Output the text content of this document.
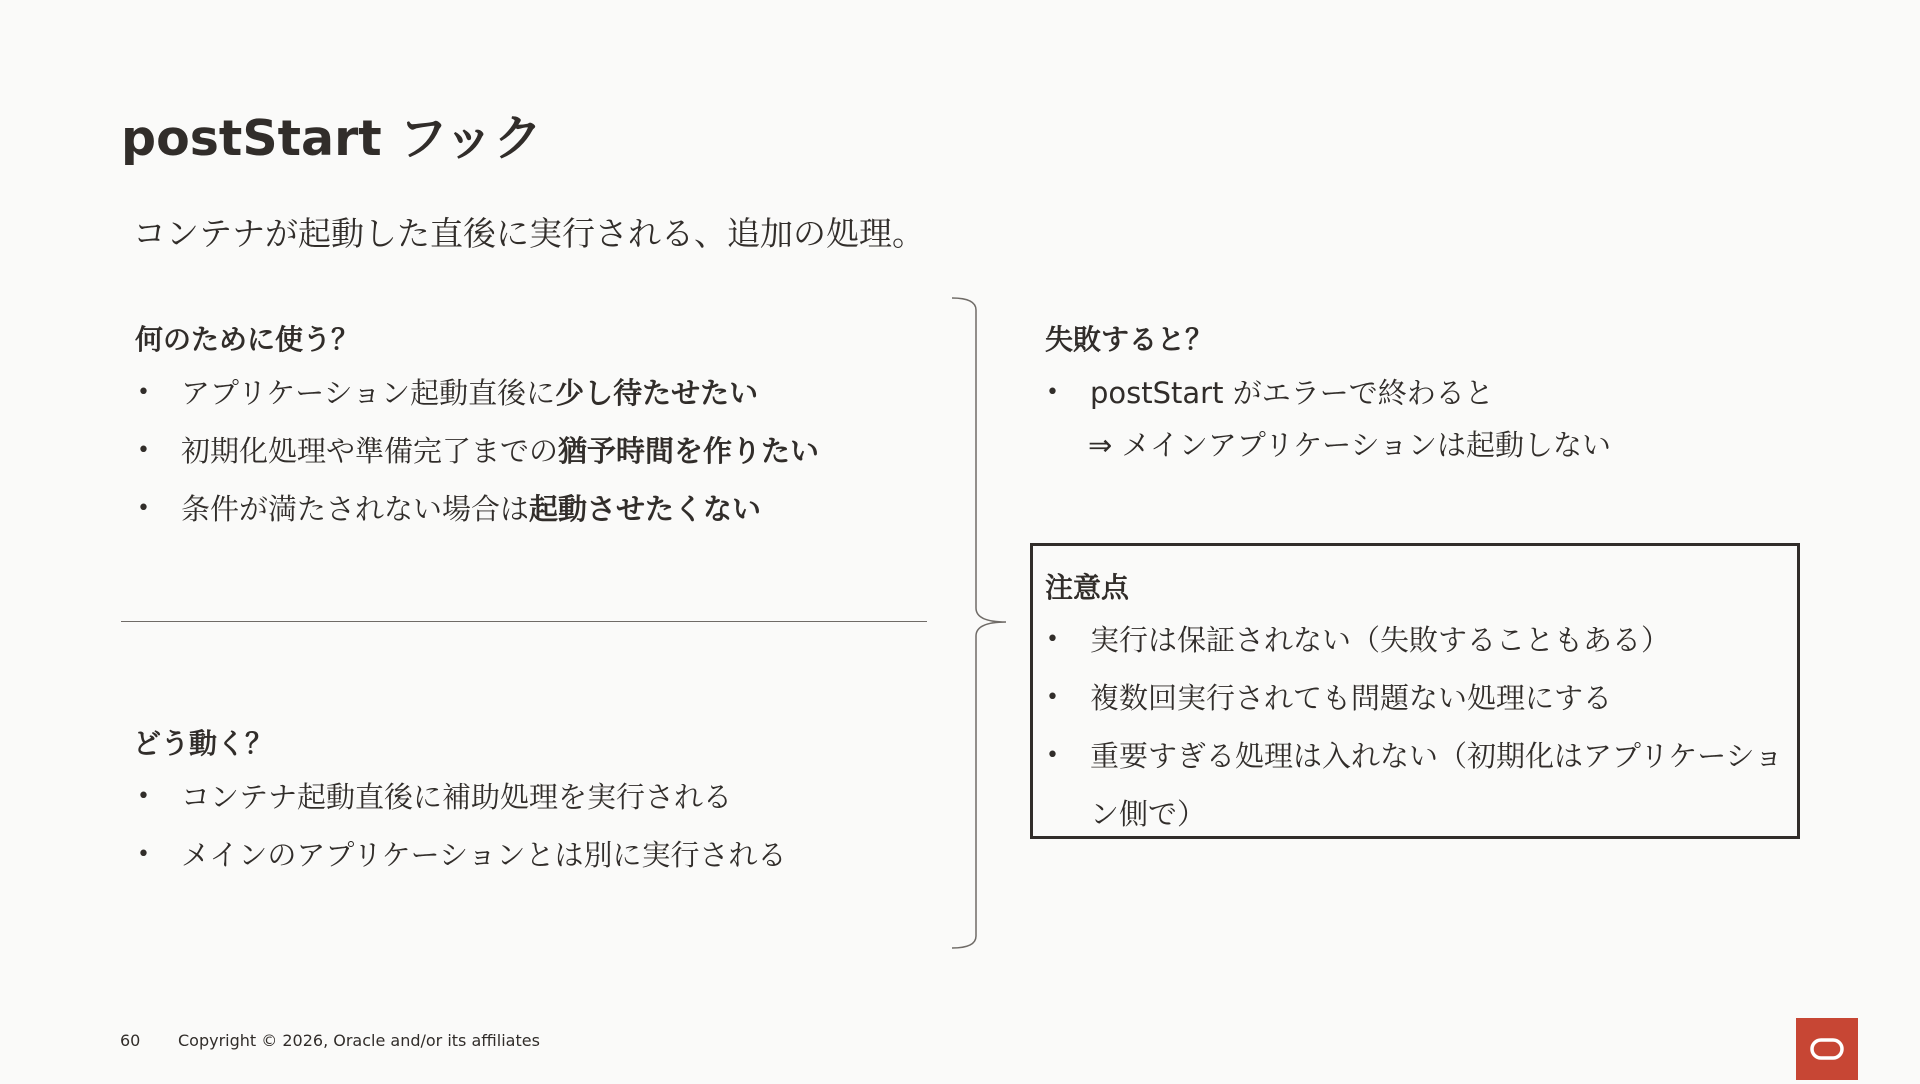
postStart フック
コンテナが起動した直後に実行される、追加の処理。
何のために使う？
• アプリケーション起動直後に少し待たせたい
• 初期化処理や準備完了までの猶予時間を作りたい
• 条件が満たされない場合は起動させたくない
どう動く？
• コンテナ起動直後に補助処理を実行される
• メインのアプリケーションとは別に実行される
失敗すると？
• postStart がエラーで終わると
⇒ メインアプリケーションは起動しない
注意点
• 実行は保証されない（失敗することもある）
• 複数回実行されても問題ない処理にする
• 重要すぎる処理は入れない（初期化はアプリケーション側で）
60 Copyright © 2026, Oracle and/or its affiliates
